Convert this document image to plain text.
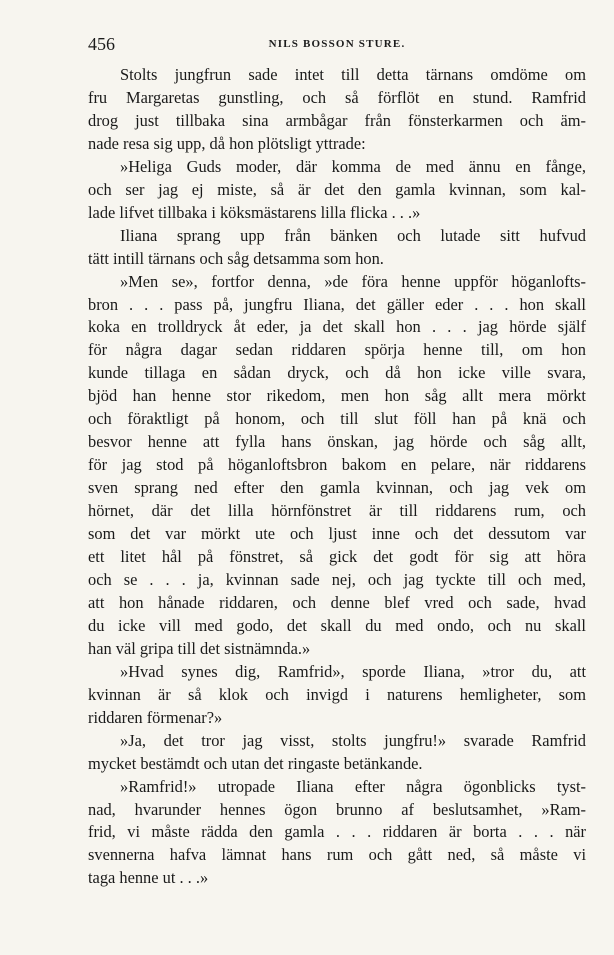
456	NILS BOSSON STURE.
Stolts jungfrun sade intet till detta tärnans omdöme om
fru Margaretas gunstling, och så förflöt en stund. Ramfrid
drog just tillbaka sina armbågar från fönsterkarmen och äm-
nade resa sig upp, då hon plötsligt yttrade:
»Heliga Guds moder, där komma de med ännu en fånge,
och ser jag ej miste, så är det den gamla kvinnan, som kal-
lade lifvet tillbaka i köksmästarens lilla flicka . . .»
Iliana sprang upp från bänken och lutade sitt hufvud
tätt intill tärnans och såg detsamma som hon.
»Men se», fortfor denna, »de föra henne uppför höganlofts-
bron . . . pass på, jungfru Iliana, det gäller eder . . . hon skall
koka en trolldryck åt eder, ja det skall hon . . . jag hörde själf
för några dagar sedan riddaren spörja henne till, om hon
kunde tillaga en sådan dryck, och då hon icke ville svara,
bjöd han henne stor rikedom, men hon såg allt mera mörkt
och föraktligt på honom, och till slut föll han på knä och
besvor henne att fylla hans önskan, jag hörde och såg allt,
för jag stod på höganloftsbron bakom en pelare, när riddarens
sven sprang ned efter den gamla kvinnan, och jag vek om
hörnet, där det lilla hörnfönstret är till riddarens rum, och
som det var mörkt ute och ljust inne och det dessutom var
ett litet hål på fönstret, så gick det godt för sig att höra
och se . . . ja, kvinnan sade nej, och jag tyckte till och med,
att hon hånade riddaren, och denne blef vred och sade, hvad
du icke vill med godo, det skall du med ondo, och nu skall
han väl gripa till det sistnämnda.»
»Hvad synes dig, Ramfrid», sporde Iliana, »tror du, att
kvinnan är så klok och invigd i naturens hemligheter, som
riddaren förmenar?»
»Ja, det tror jag visst, stolts jungfru!» svarade Ramfrid
mycket bestämdt och utan det ringaste betänkande.
»Ramfrid!» utropade Iliana efter några ögonblicks tyst-
nad, hvarunder hennes ögon brunno af beslutsamhet, »Ram-
frid, vi måste rädda den gamla . . . riddaren är borta . . . när
svennerna hafva lämnat hans rum och gått ned, så måste vi
taga henne ut . . .»
